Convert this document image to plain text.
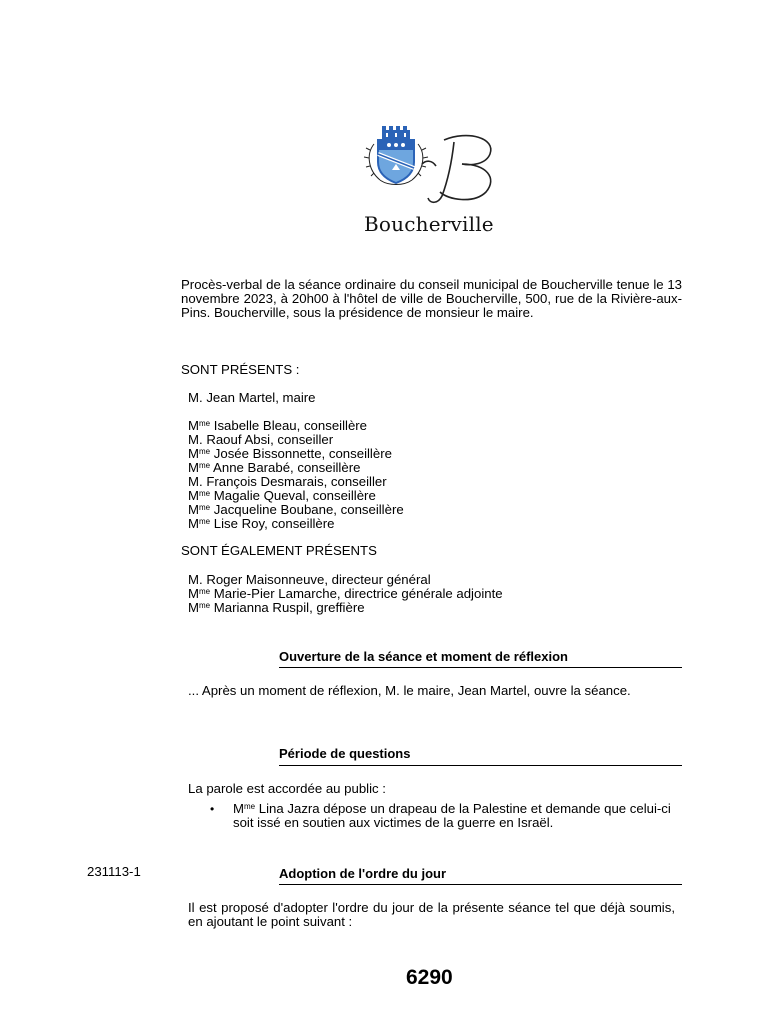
Boucherville
Procès-verbal de la séance ordinaire du conseil municipal de Boucherville tenue le 13 novembre 2023, à 20h00 à l'hôtel de ville de Boucherville, 500, rue de la Rivière-aux-Pins. Boucherville, sous la présidence de monsieur le maire.
SONT PRÉSENTS :
M. Jean Martel, maire
$M^{me}$ Isabelle Bleau, conseillère
M. Raouf Absi, conseiller
$M^{me}$ Josée Bissonnette, conseillère
$M^{me}$ Anne Barabé, conseillère
M. François Desmarais, conseiller
$M^{me}$ Magalie Queval, conseillère
$M^{me}$ Jacqueline Boubane, conseillère
$M^{me}$ Lise Roy, conseillère
SONT ÉGALEMENT PRÉSENTS
M. Roger Maisonneuve, directeur général
$M^{me}$ Marie-Pier Lamarche, directrice générale adjointe
$M^{me}$ Marianna Ruspil, greffière
Ouverture de la séance et moment de réflexion
... Après un moment de réflexion, M. le maire, Jean Martel, ouvre la séance.
Période de questions
La parole est accordée au public :
• $M^{me}$ Lina Jazra dépose un drapeau de la Palestine et demande que celui-ci soit issé en soutien aux victimes de la guerre en Israël.
231113-1	Adoption de l'ordre du jour
Il est proposé d'adopter l'ordre du jour de la présente séance tel que déjà soumis, en ajoutant le point suivant :
6290
